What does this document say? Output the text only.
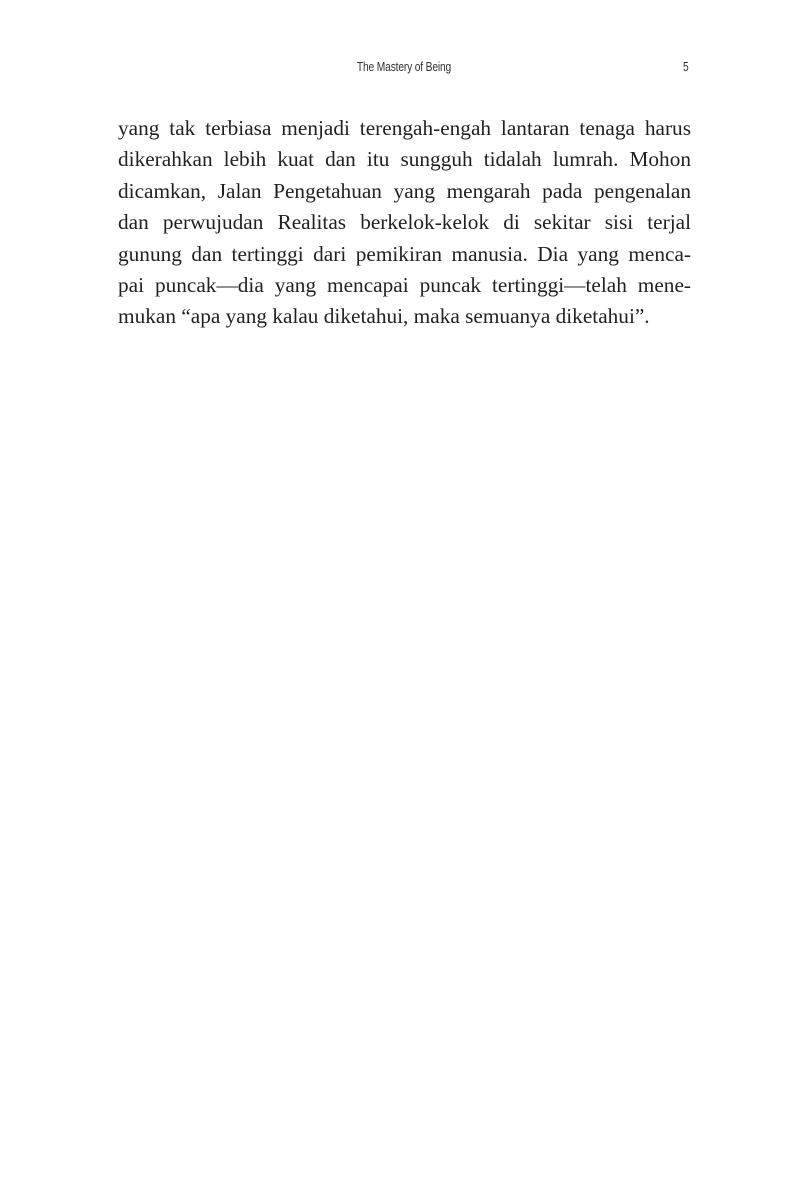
The Mastery of Being	5
yang tak terbiasa menjadi terengah-engah lantaran tenaga harus
dikerahkan lebih kuat dan itu sungguh tidalah lumrah. Mohon
dicamkan, Jalan Pengetahuan yang mengarah pada pengenalan
dan perwujudan Realitas berkelok-kelok di sekitar sisi terjal
gunung dan tertinggi dari pemikiran manusia. Dia yang menca-
pai puncak—dia yang mencapai puncak tertinggi—telah mene-
mukan “apa yang kalau diketahui, maka semuanya diketahui”.
